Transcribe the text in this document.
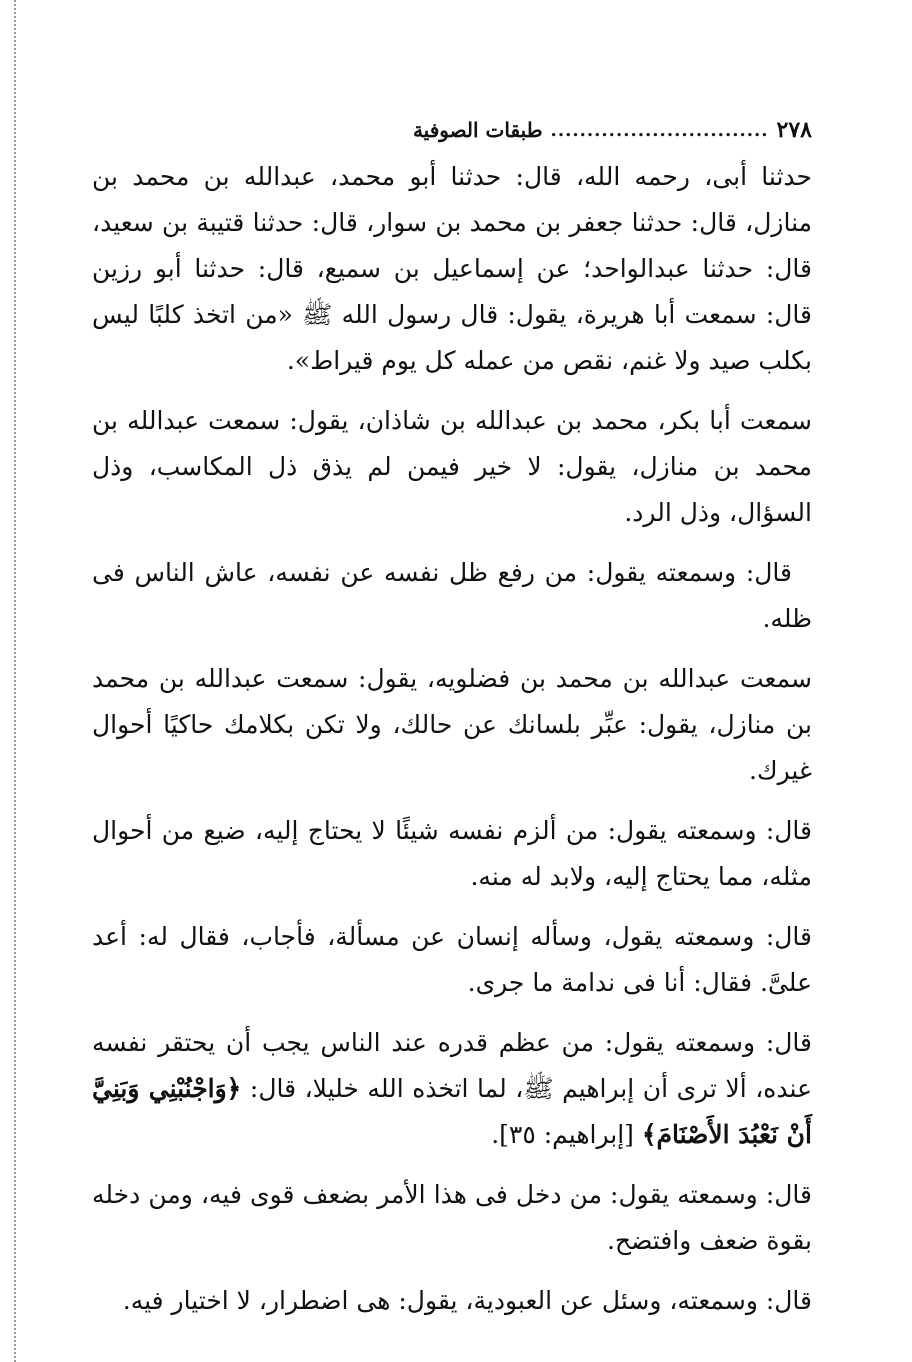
٢٧٨
..............................
طبقات الصوفية

حدثنا أبى، رحمه الله، قال: حدثنا أبو محمد، عبدالله بن محمد بن منازل، قال: حدثنا جعفر بن محمد بن سوار، قال: حدثنا قتيبة بن سعيد، قال: حدثنا عبدالواحد؛ عن إسماعيل بن سميع، قال: حدثنا أبو رزين قال: سمعت أبا هريرة، يقول: قال رسول الله ﷺ «من اتخذ كلبًا ليس بكلب صيد ولا غنم، نقص من عمله كل يوم قيراط».

سمعت أبا بكر، محمد بن عبدالله بن شاذان، يقول: سمعت عبدالله بن محمد بن منازل، يقول: لا خير فيمن لم يذق ذل المكاسب، وذل السؤال، وذل الرد.

قال: وسمعته يقول: من رفع ظل نفسه عن نفسه، عاش الناس فى ظله.

سمعت عبدالله بن محمد بن فضلويه، يقول: سمعت عبدالله بن محمد بن منازل، يقول: عبِّر بلسانك عن حالك، ولا تكن بكلامك حاكيًا أحوال غيرك.

قال: وسمعته يقول: من ألزم نفسه شيئًا لا يحتاج إليه، ضيع من أحوال مثله، مما يحتاج إليه، ولابد له منه.

قال: وسمعته يقول، وسأله إنسان عن مسألة، فأجاب، فقال له: أعد علىَّ. فقال: أنا فى ندامة ما جرى.

قال: وسمعته يقول: من عظم قدره عند الناس يجب أن يحتقر نفسه عنده، ألا ترى أن إبراهيم ﷺ، لما اتخذه الله خليلا، قال: ﴿وَاجْنُبْنِي وَبَنِيَّ أَنْ نَعْبُدَ الأَصْنَامَ﴾ [إبراهيم: ٣٥].

قال: وسمعته يقول: من دخل فى هذا الأمر بضعف قوى فيه، ومن دخله بقوة ضعف وافتضح.

قال: وسمعته، وسئل عن العبودية، يقول: هى اضطرار، لا اختيار فيه.
